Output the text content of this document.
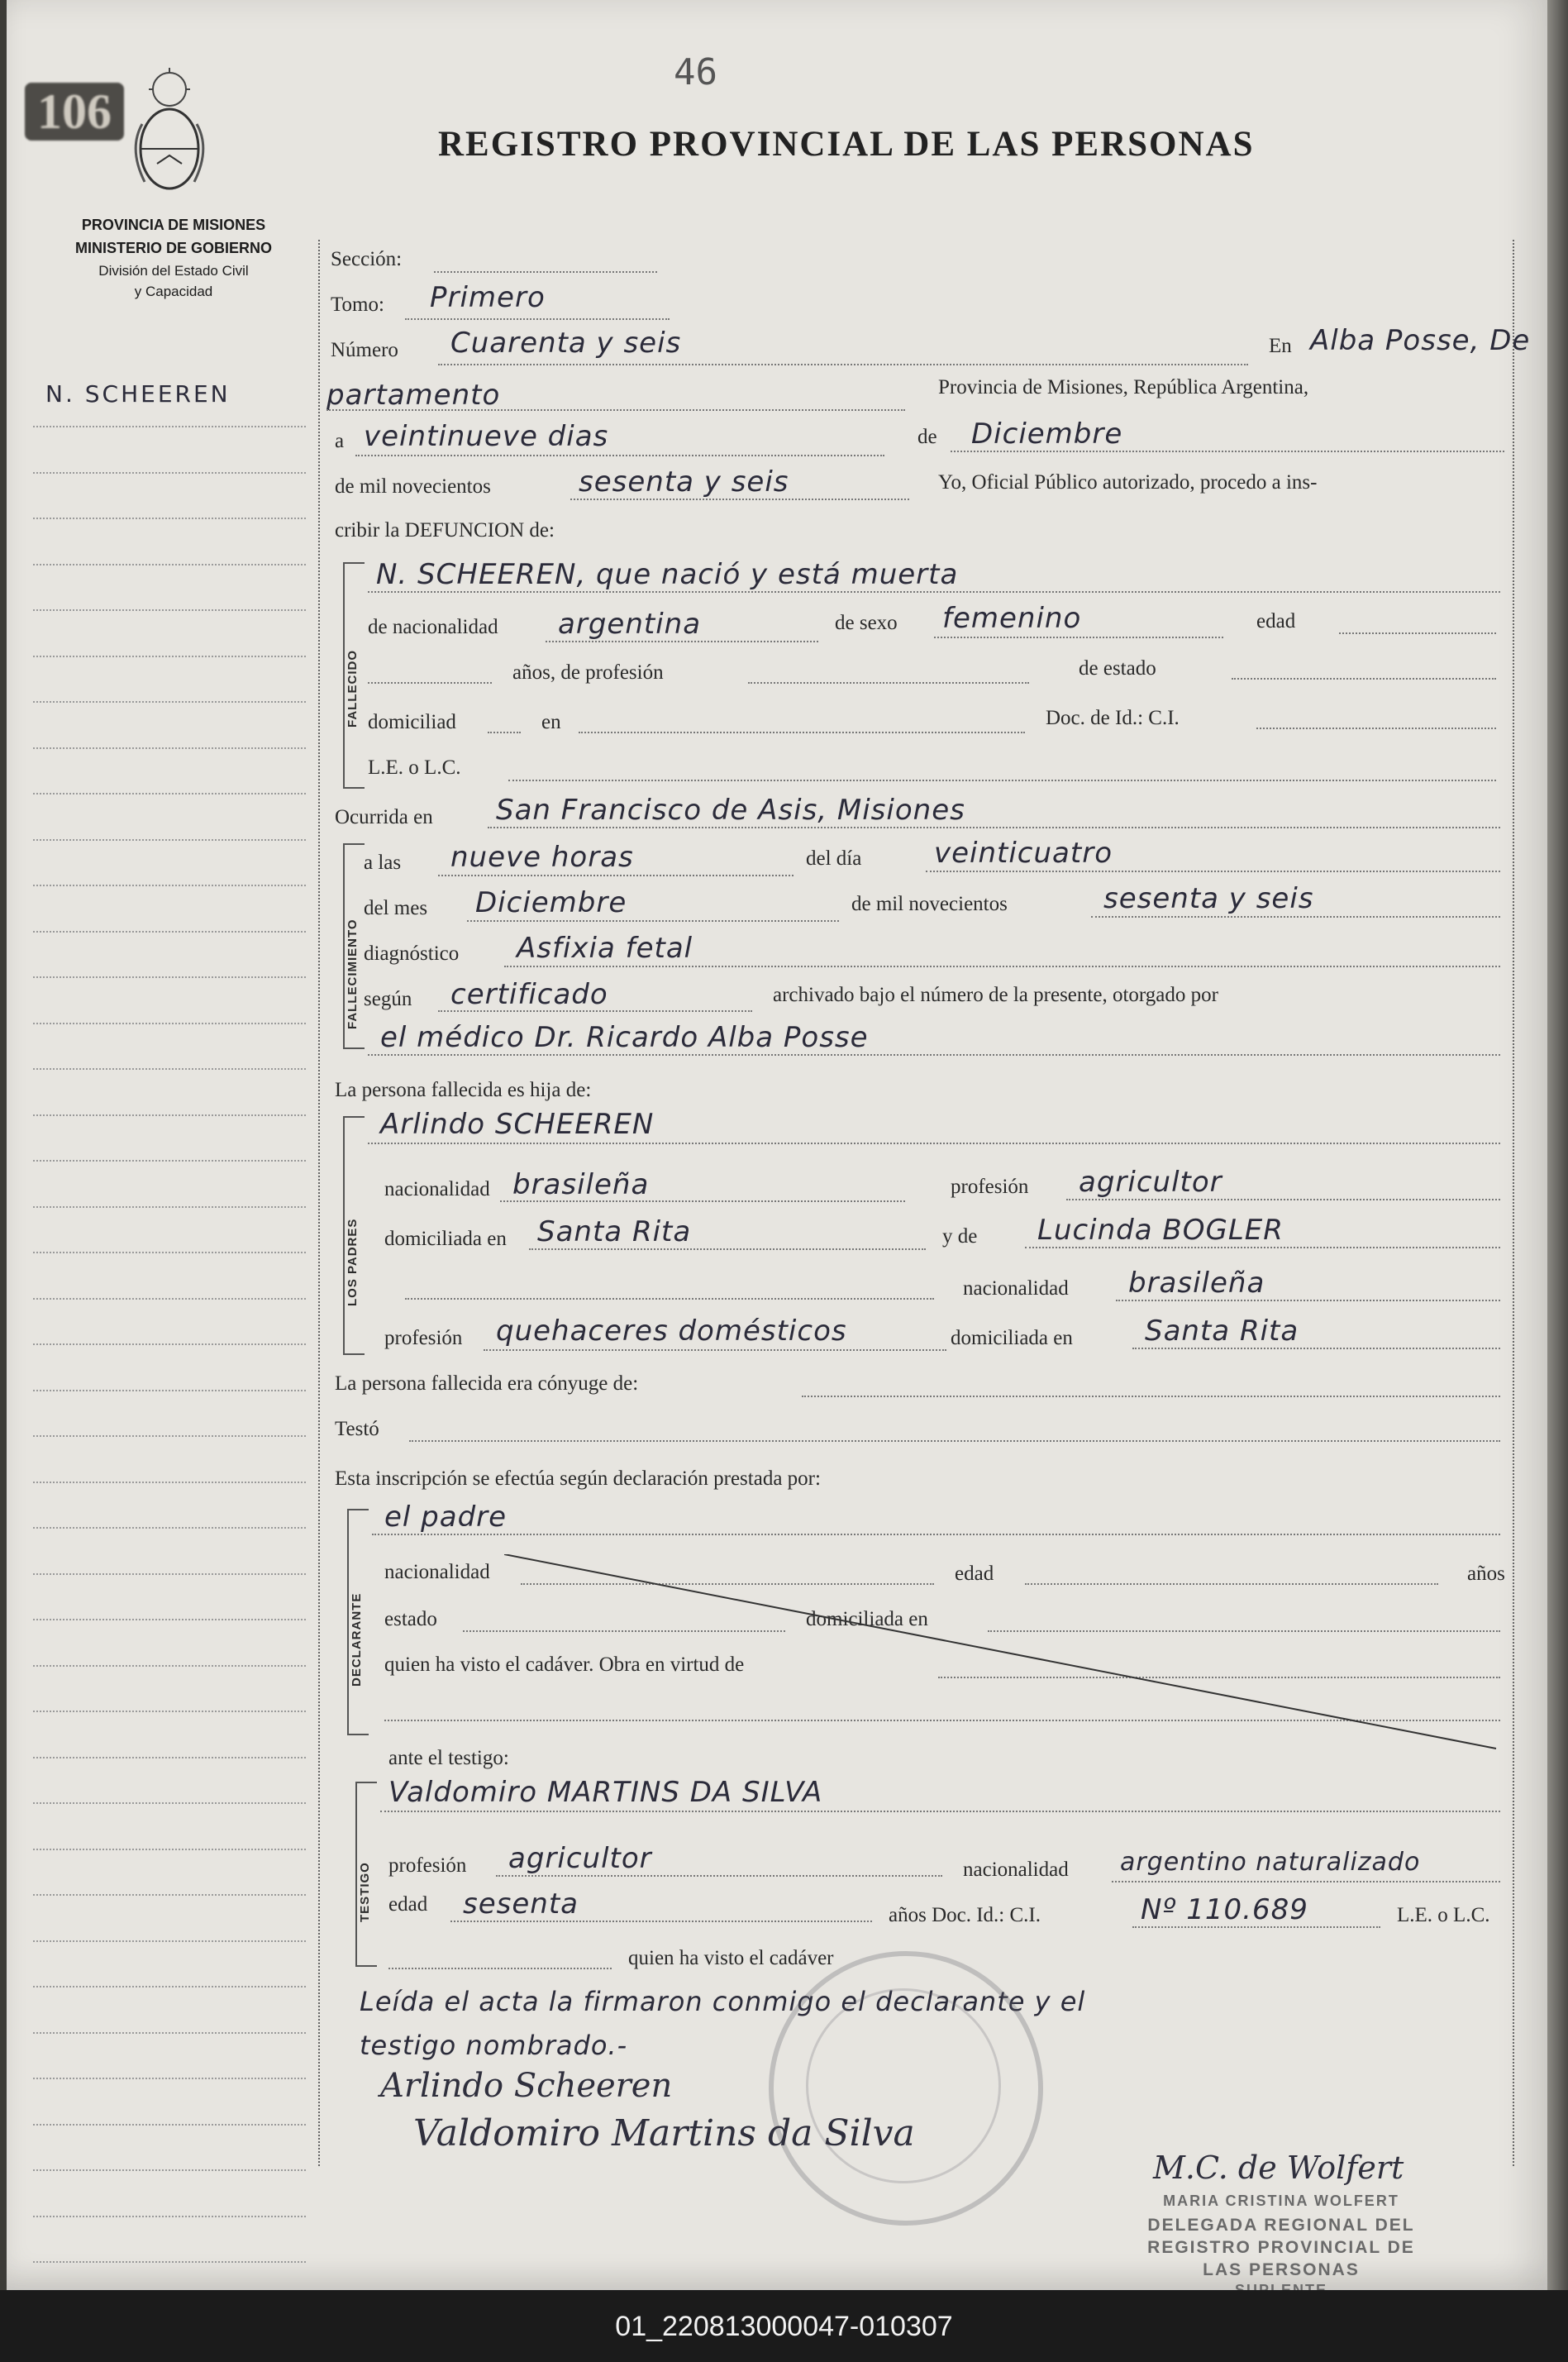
46
106
REGISTRO PROVINCIAL DE LAS PERSONAS
PROVINCIA DE MISIONES
MINISTERIO DE GOBIERNO
División del Estado Civil
y Capacidad
N. SCHEEREN
Sección:
Tomo: Primero
Número Cuarenta y seis	En Alba Posse, De
partamento	Provincia de Misiones, República Argentina,
a veintinueve dias	de Diciembre
de mil novecientos	sesenta y seis	Yo, Oficial Público autorizado, procedo a ins-
cribir la DEFUNCION de:
FALLECIDO
N. SCHEEREN, que nació y está muerta
de nacionalidad argentina	de sexo femenino	edad
años, de profesión	de estado
domiciliad	en	Doc. de Id.: C.I.
L.E. o L.C.
Ocurrida en San Francisco de Asis, Misiones
FALLECIMIENTO
a las nueve horas	del día	veinticuatro
del mes Diciembre	de mil novecientos	sesenta y seis
diagnóstico Asfixia fetal
según certificado	archivado bajo el número de la presente, otorgado por
el médico Dr. Ricardo Alba Posse
La persona fallecida es hija de:
LOS PADRES
Arlindo SCHEEREN
nacionalidad brasileña	profesión agricultor
domiciliada en Santa Rita	y de Lucinda BOGLER
nacionalidad brasileña
profesión quehaceres domésticos	domiciliada en	Santa Rita
La persona fallecida era cónyuge de:
Testó
Esta inscripción se efectúa según declaración prestada por:
DECLARANTE
el padre
nacionalidad	edad	años
estado	domiciliada en
quien ha visto el cadáver. Obra en virtud de
ante el testigo:
TESTIGO
Valdomiro MARTINS DA SILVA
profesión agricultor	nacionalidad argentino naturalizado
edad sesenta	años Doc. Id.: C.I.	Nº 110.689	L.E. o L.C.
quien ha visto el cadáver
Leída el acta la firmaron conmigo el declarante y el
testigo nombrado.-
Arlindo Scheeren
Valdomiro Martins da Silva
M.C. de Wolfert
MARIA CRISTINA WOLFERT
DELEGADA REGIONAL DEL
REGISTRO PROVINCIAL DE
LAS PERSONAS
01_220813000047-010307
